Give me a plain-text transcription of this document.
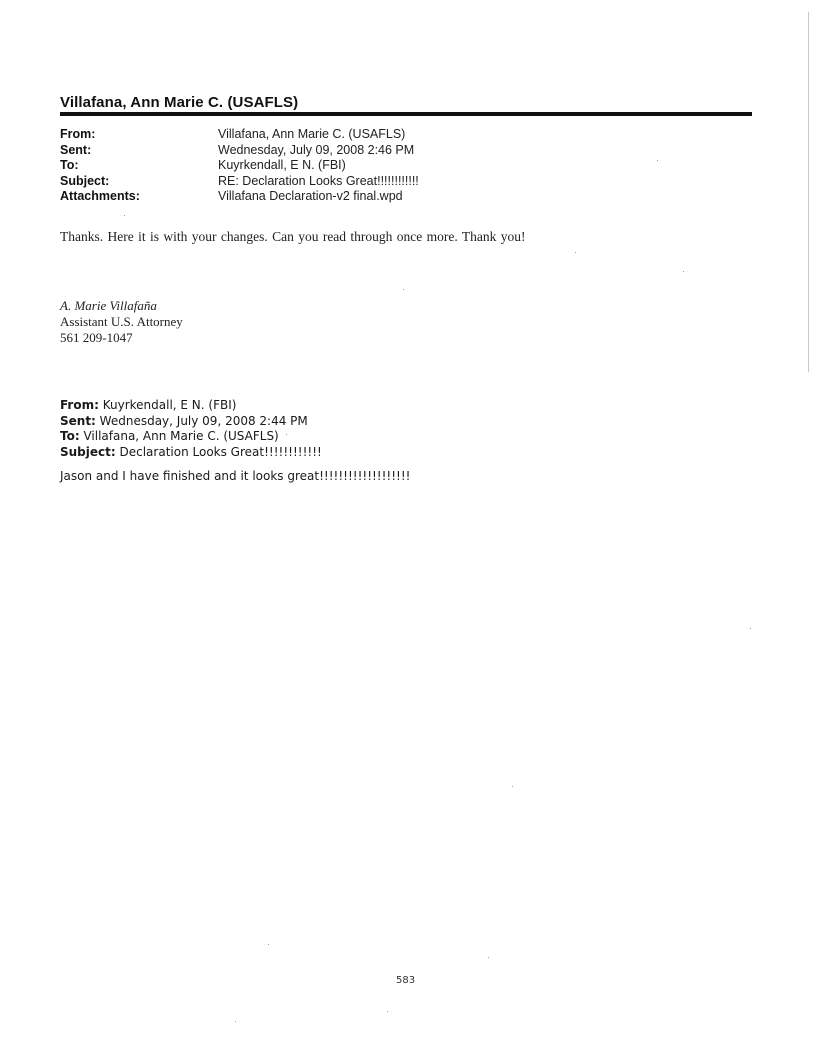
Villafana, Ann Marie C. (USAFLS)
From:	Villafana, Ann Marie C. (USAFLS)
Sent:	Wednesday, July 09, 2008 2:46 PM
To:	Kuyrkendall, E N. (FBI)
Subject:	RE: Declaration Looks Great!!!!!!!!!!!!
Attachments:	Villafana Declaration-v2 final.wpd
Thanks. Here it is with your changes. Can you read through once more. Thank you!
A. Marie Villafaña
Assistant U.S. Attorney
561 209-1047
From: Kuyrkendall, E N. (FBI)
Sent: Wednesday, July 09, 2008 2:44 PM
To: Villafana, Ann Marie C. (USAFLS)
Subject: Declaration Looks Great!!!!!!!!!!!!
Jason and I have finished and it looks great!!!!!!!!!!!!!!!!!!!
583
